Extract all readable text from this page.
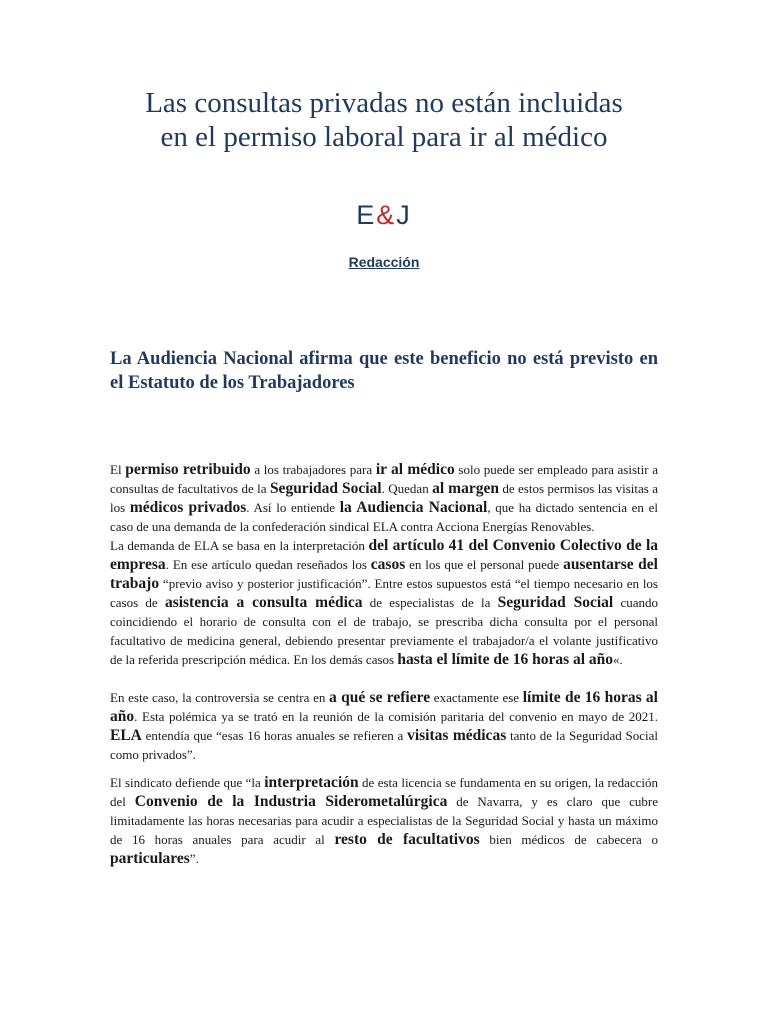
Las consultas privadas no están incluidas
en el permiso laboral para ir al médico
E&J
Redacción
La Audiencia Nacional afirma que este beneficio no está previsto en el Estatuto de los Trabajadores

El permiso retribuido a los trabajadores para ir al médico solo puede ser empleado para asistir a consultas de facultativos de la Seguridad Social. Quedan al margen de estos permisos las visitas a los médicos privados. Así lo entiende la Audiencia Nacional, que ha dictado sentencia en el caso de una demanda de la confederación sindical ELA contra Acciona Energías Renovables.

La demanda de ELA se basa en la interpretación del artículo 41 del Convenio Colectivo de la empresa. En ese artículo quedan reseñados los casos en los que el personal puede ausentarse del trabajo “previo aviso y posterior justificación”. Entre estos supuestos está “el tiempo necesario en los casos de asistencia a consulta médica de especialistas de la Seguridad Social cuando coincidiendo el horario de consulta con el de trabajo, se prescriba dicha consulta por el personal facultativo de medicina general, debiendo presentar previamente el trabajador/a el volante justificativo de la referida prescripción médica. En los demás casos hasta el límite de 16 horas al año«.

En este caso, la controversia se centra en a qué se refiere exactamente ese límite de 16 horas al año. Esta polémica ya se trató en la reunión de la comisión paritaria del convenio en mayo de 2021. ELA entendía que “esas 16 horas anuales se refieren a visitas médicas tanto de la Seguridad Social como privados”.

El sindicato defiende que “la interpretación de esta licencia se fundamenta en su origen, la redacción del Convenio de la Industria Siderometalúrgica de Navarra, y es claro que cubre limitadamente las horas necesarias para acudir a especialistas de la Seguridad Social y hasta un máximo de 16 horas anuales para acudir al resto de facultativos bien médicos de cabecera o particulares”.
